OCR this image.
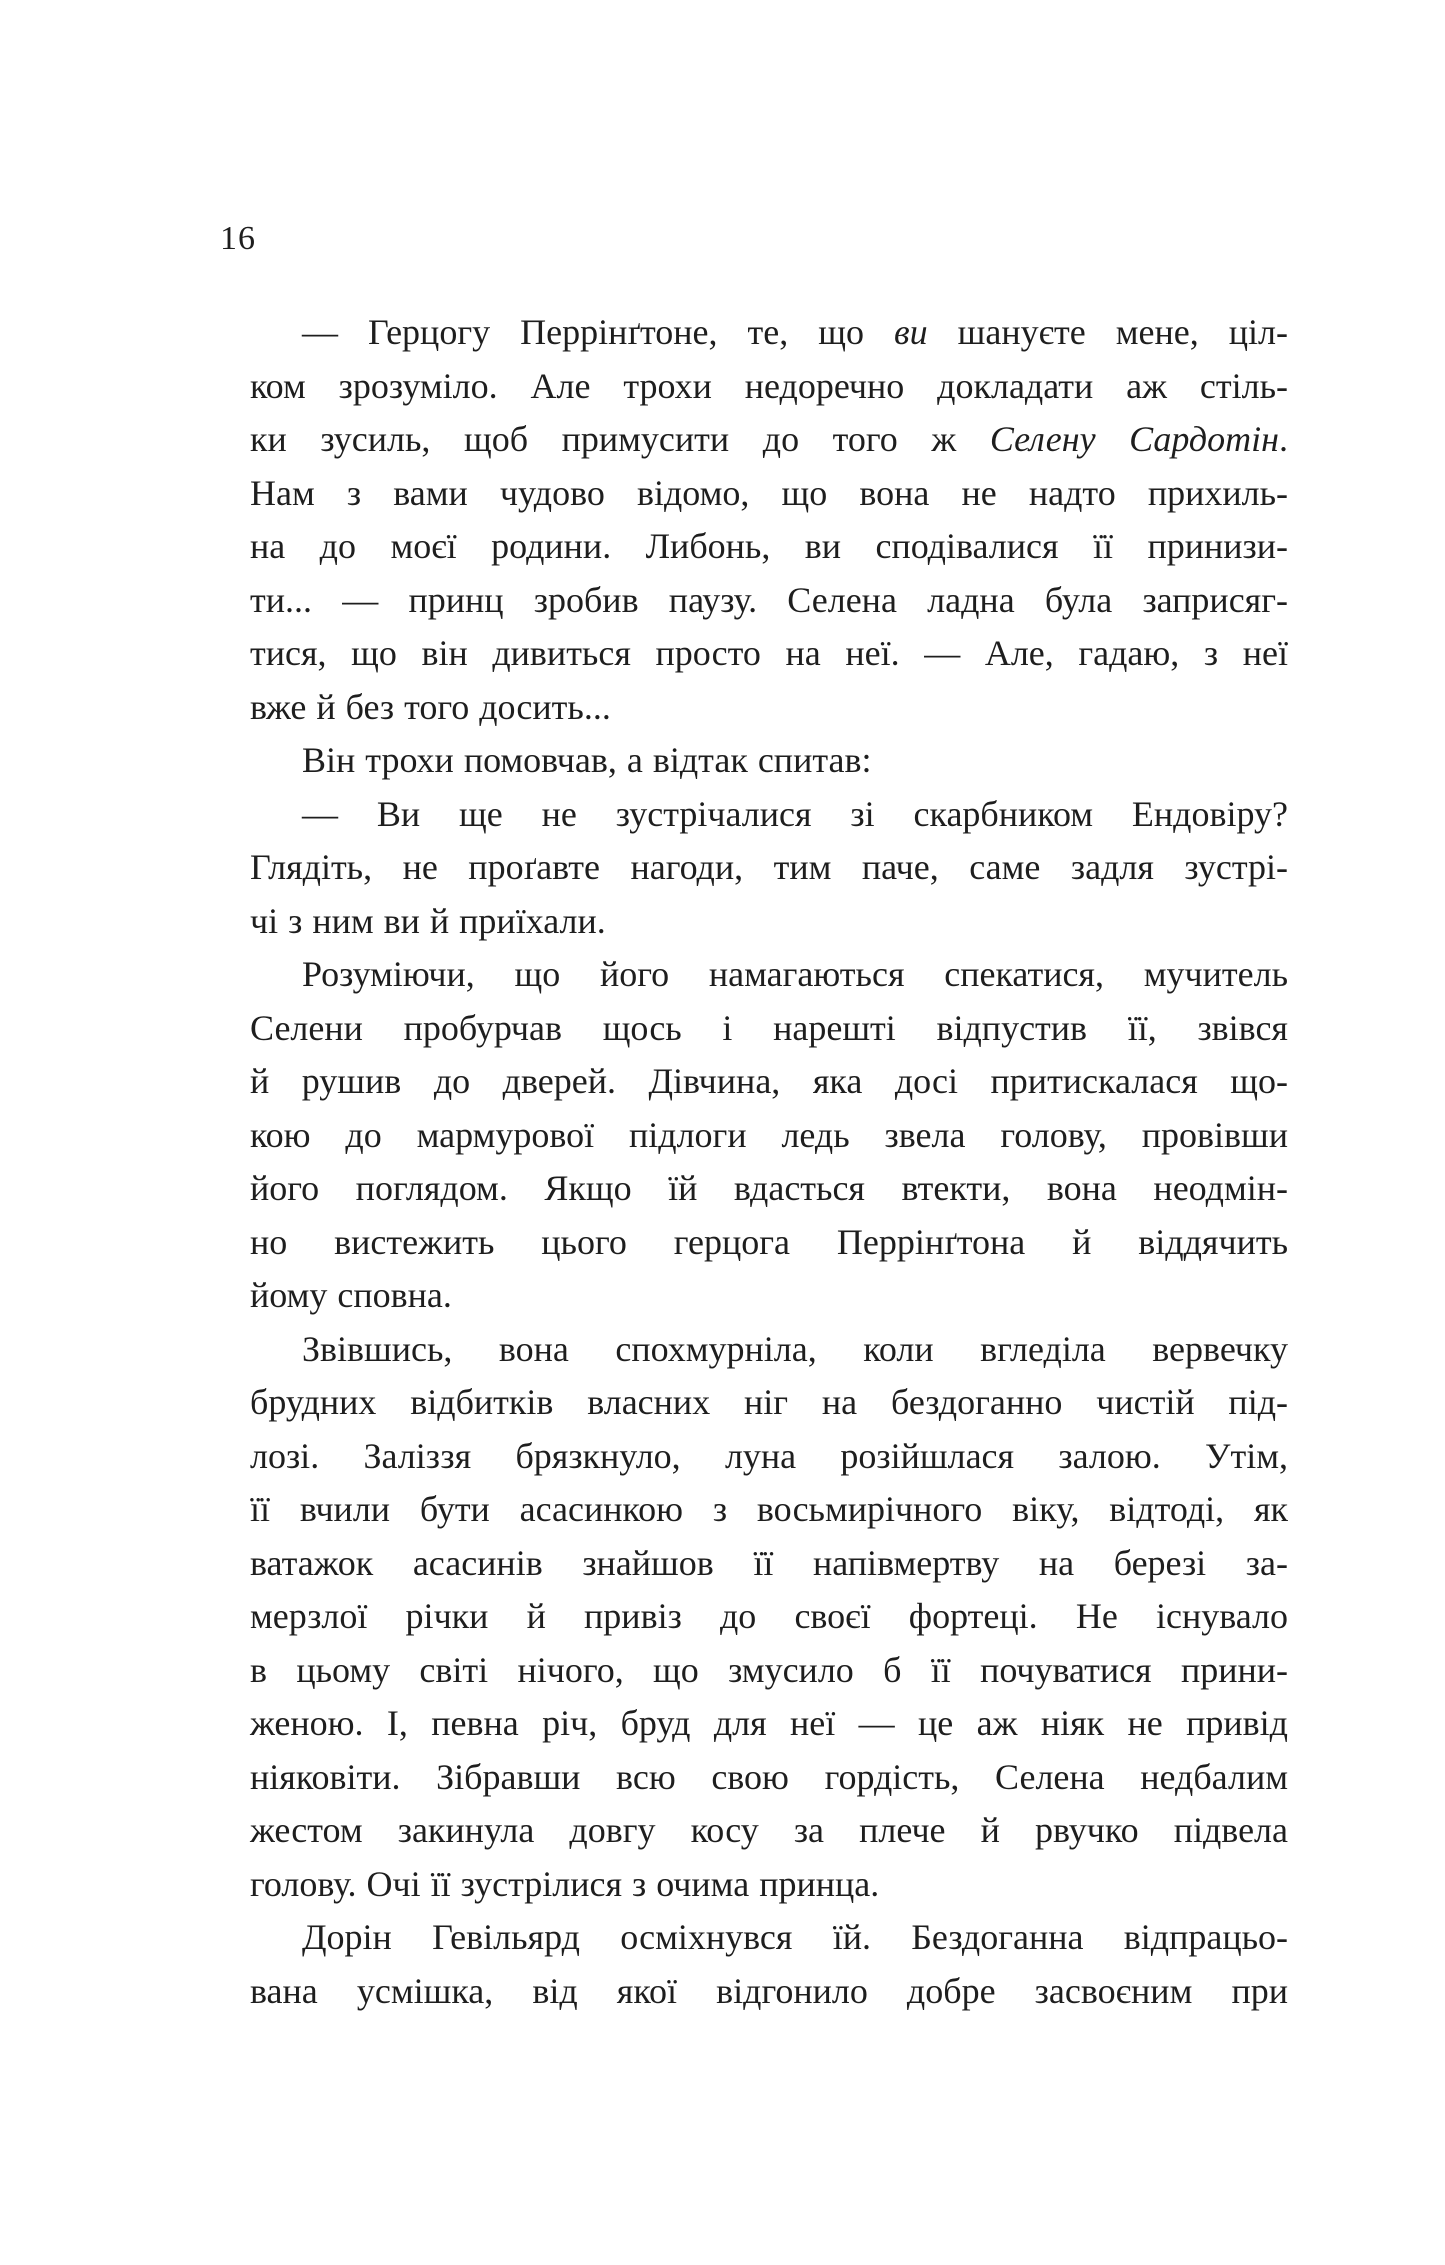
16
— Герцогу Перрінґтоне, те, що ви шануєте мене, ціл-
ком зрозуміло. Але трохи недоречно докладати аж стіль-
ки зусиль, щоб примусити до того ж Селену Сардотін.
Нам з вами чудово відомо, що вона не надто прихиль-
на до моєї родини. Либонь, ви сподівалися її принизи-
ти... — принц зробив паузу. Селена ладна була заприсяг-
тися, що він дивиться просто на неї. — Але, гадаю, з неї
вже й без того досить...
Він трохи помовчав, а відтак спитав:
— Ви ще не зустрічалися зі скарбником Ендовіру?
Глядіть, не проґавте нагоди, тим паче, саме задля зустрі-
чі з ним ви й приїхали.
Розуміючи, що його намагаються спекатися, мучитель
Селени пробурчав щось і нарешті відпустив її, звівся
й рушив до дверей. Дівчина, яка досі притискалася що-
кою до мармурової підлоги ледь звела голову, провівши
його поглядом. Якщо їй вдасться втекти, вона неодмін-
но вистежить цього герцога Перрінґтона й віддячить
йому сповна.
Звівшись, вона спохмурніла, коли вгледіла вервечку
брудних відбитків власних ніг на бездоганно чистій під-
лозі. Заліззя брязкнуло, луна розійшлася залою. Утім,
її вчили бути асасинкою з восьмирічного віку, відтоді, як
ватажок асасинів знайшов її напівмертву на березі за-
мерзлої річки й привіз до своєї фортеці. Не існувало
в цьому світі нічого, що змусило б її почуватися прини-
женою. І, певна річ, бруд для неї — це аж ніяк не привід
ніяковіти. Зібравши всю свою гордість, Селена недбалим
жестом закинула довгу косу за плече й рвучко підвела
голову. Очі її зустрілися з очима принца.
Дорін Гевільярд осміхнувся їй. Бездоганна відпрацьо-
вана усмішка, від якої відгонило добре засвоєним при
